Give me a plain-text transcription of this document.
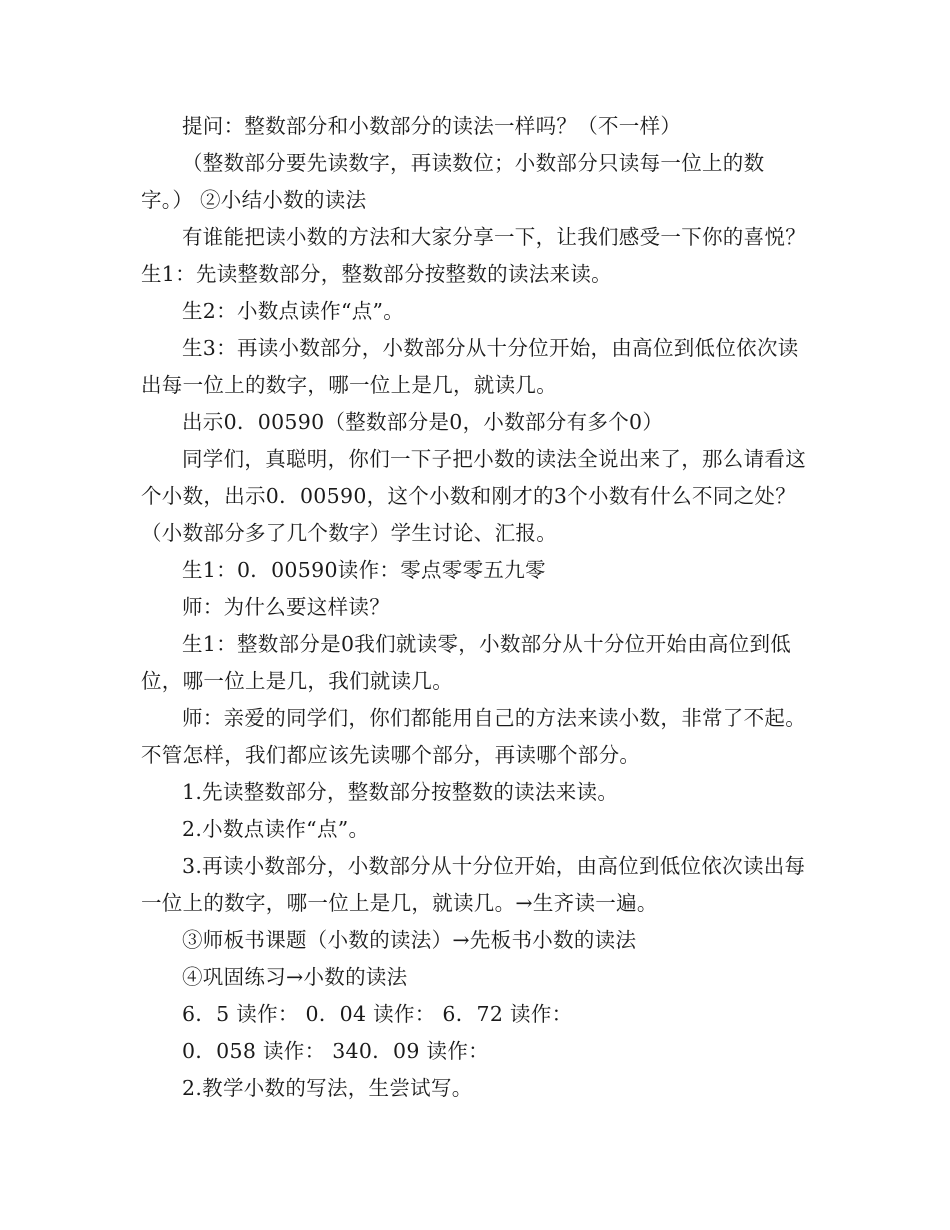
提问：整数部分和小数部分的读法一样吗？（不一样）

（整数部分要先读数字，再读数位；小数部分只读每一位上的数字。） ②小结小数的读法

有谁能把读小数的方法和大家分享一下，让我们感受一下你的喜悦？ 生1：先读整数部分，整数部分按整数的读法来读。

生2：小数点读作“点”。

生3：再读小数部分，小数部分从十分位开始，由高位到低位依次读出每一位上的数字，哪一位上是几，就读几。

出示0．00590（整数部分是0，小数部分有多个0）

同学们，真聪明，你们一下子把小数的读法全说出来了，那么请看这个小数，出示0．00590，这个小数和刚才的3个小数有什么不同之处？（小数部分多了几个数字）学生讨论、汇报。

生1：0．00590读作：零点零零五九零

师：为什么要这样读？

生1：整数部分是0我们就读零，小数部分从十分位开始由高位到低位，哪一位上是几，我们就读几。

师：亲爱的同学们，你们都能用自己的方法来读小数，非常了不起。不管怎样，我们都应该先读哪个部分，再读哪个部分。

1.先读整数部分，整数部分按整数的读法来读。

2.小数点读作“点”。

3.再读小数部分，小数部分从十分位开始，由高位到低位依次读出每一位上的数字，哪一位上是几，就读几。→生齐读一遍。

③师板书课题（小数的读法）→先板书小数的读法

④巩固练习→小数的读法

6．5 读作： 0．04 读作： 6．72 读作：

0．058 读作： 340．09 读作：

2.教学小数的写法，生尝试写。
